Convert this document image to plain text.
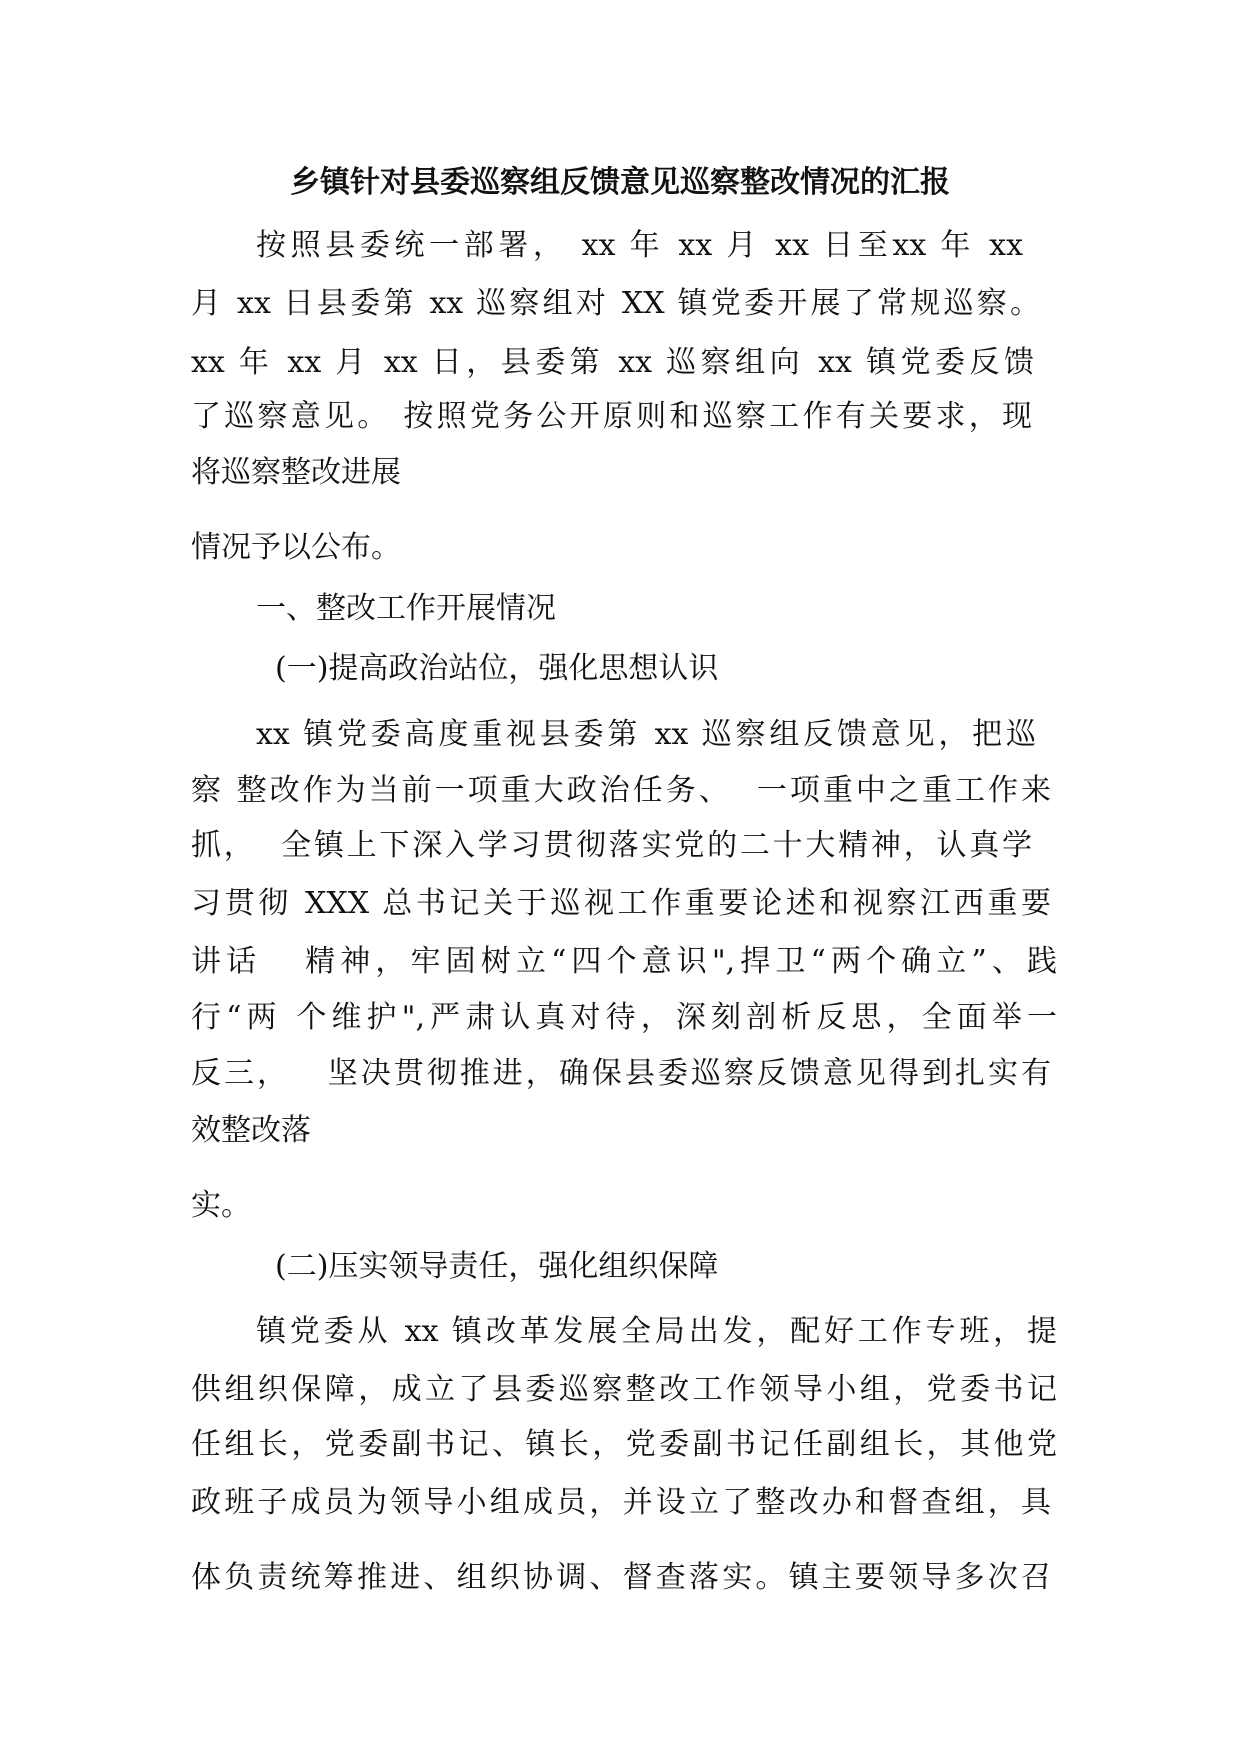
乡镇针对县委巡察组反馈意见巡察整改情况的汇报
按照县委统一部署， xx 年 xx 月 xx 日至xx 年 xx
月 xx 日县委第 xx 巡察组对 XX 镇党委开展了常规巡察。
xx 年 xx 月 xx 日，县委第 xx 巡察组向 xx 镇党委反馈
了巡察意见。 按照党务公开原则和巡察工作有关要求，现
将巡察整改进展
情况予以公布。
一、整改工作开展情况
(一)提高政治站位，强化思想认识
xx 镇党委高度重视县委第 xx 巡察组反馈意见，把巡
察 整改作为当前一项重大政治任务、  一项重中之重工作来
抓，  全镇上下深入学习贯彻落实党的二十大精神，认真学
习贯彻 XXX 总书记关于巡视工作重要论述和视察江西重要
讲话   精神，牢固树立“四个意识",捍卫“两个确立”、践
行“两 个维护",严肃认真对待，深刻剖析反思，全面举一
反三，   坚决贯彻推进，确保县委巡察反馈意见得到扎实有
效整改落
实。
(二)压实领导责任，强化组织保障
镇党委从 xx 镇改革发展全局出发，配好工作专班，提
供组织保障，成立了县委巡察整改工作领导小组，党委书记
任组长，党委副书记、镇长，党委副书记任副组长，其他党
政班子成员为领导小组成员，并设立了整改办和督查组，具
体负责统筹推进、组织协调、督查落实。镇主要领导多次召
